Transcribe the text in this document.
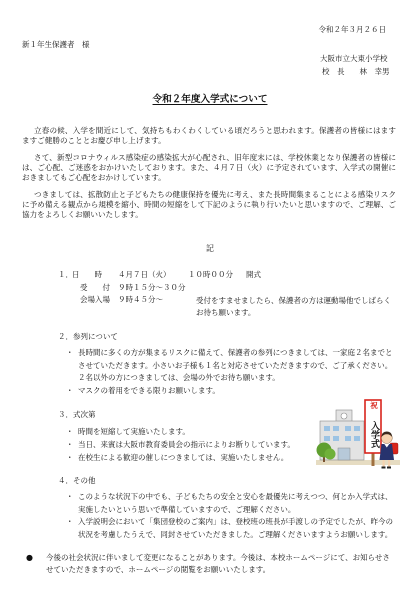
令和２年３月２６日
新１年生保護者　様
大阪市立大東小学校
校　長　　林　幸男
令和２年度入学式について

立春の候、入学を間近にして、気持ちもわくわくしている頃だろうと思われます。保護者の皆様にはますますご健勝のこととお慶び申し上げます。

さて、新型コロナウィルス感染症の感染拡大が心配され、旧年度末には、学校休業となり保護者の皆様には、ご心配、ご迷惑をおかけいたしております。また、４月７日（火）に予定されています、入学式の開催におきましてもご心配をおかけしています。

つきましては、拡散防止と子どもたちの健康保持を優先に考え、また長時間集まることによる感染リスクに予め備える観点から規模を縮小、時間の短縮をして下記のように執り行いたいと思いますので、ご理解、ご協力をよろしくお願いいたします。

記
１． 日　　時 ４月７日（火） １０時００分 開式
受　　付 ９時１５分～３０分
会場入場 ９時４５分～	受付をすませましたら、保護者の方は運動場他でしばらくお待ち願います。
２．参列について
・ 長時間に多くの方が集まるリスクに備えて、保護者の参列につきましては、一家庭２名までとさせていただきます。小さいお子様も１名と対応させていただきますので、ご了承ください。
２名以外の方につきましては、会場の外でお待ち願います。
・ マスクの着用をできる限りお願いします。
３．式次第
・ 時間を短縮して実施いたします。
・ 当日、来賓は大阪市教育委員会の指示によりお断りしています。
・ 在校生による歓迎の催しにつきましては、実施いたしません。
祝
入学式
４．その他
・ このような状況下の中でも、子どもたちの安全と安心を最優先に考えつつ、何とか入学式は、実施したいという思いで準備していますので、ご理解ください。
・ 入学説明会において「集団登校のご案内」は、登校班の班長が手渡しの予定でしたが、昨今の状況を考慮したうえで、同封させていただきました。ご理解くださいますようお願いします。
● 今後の社会状況に伴いまして変更になることがあります。今後は、本校ホームページにて、お知らせさせていただきますので、ホームページの閲覧をお願いいたします。
